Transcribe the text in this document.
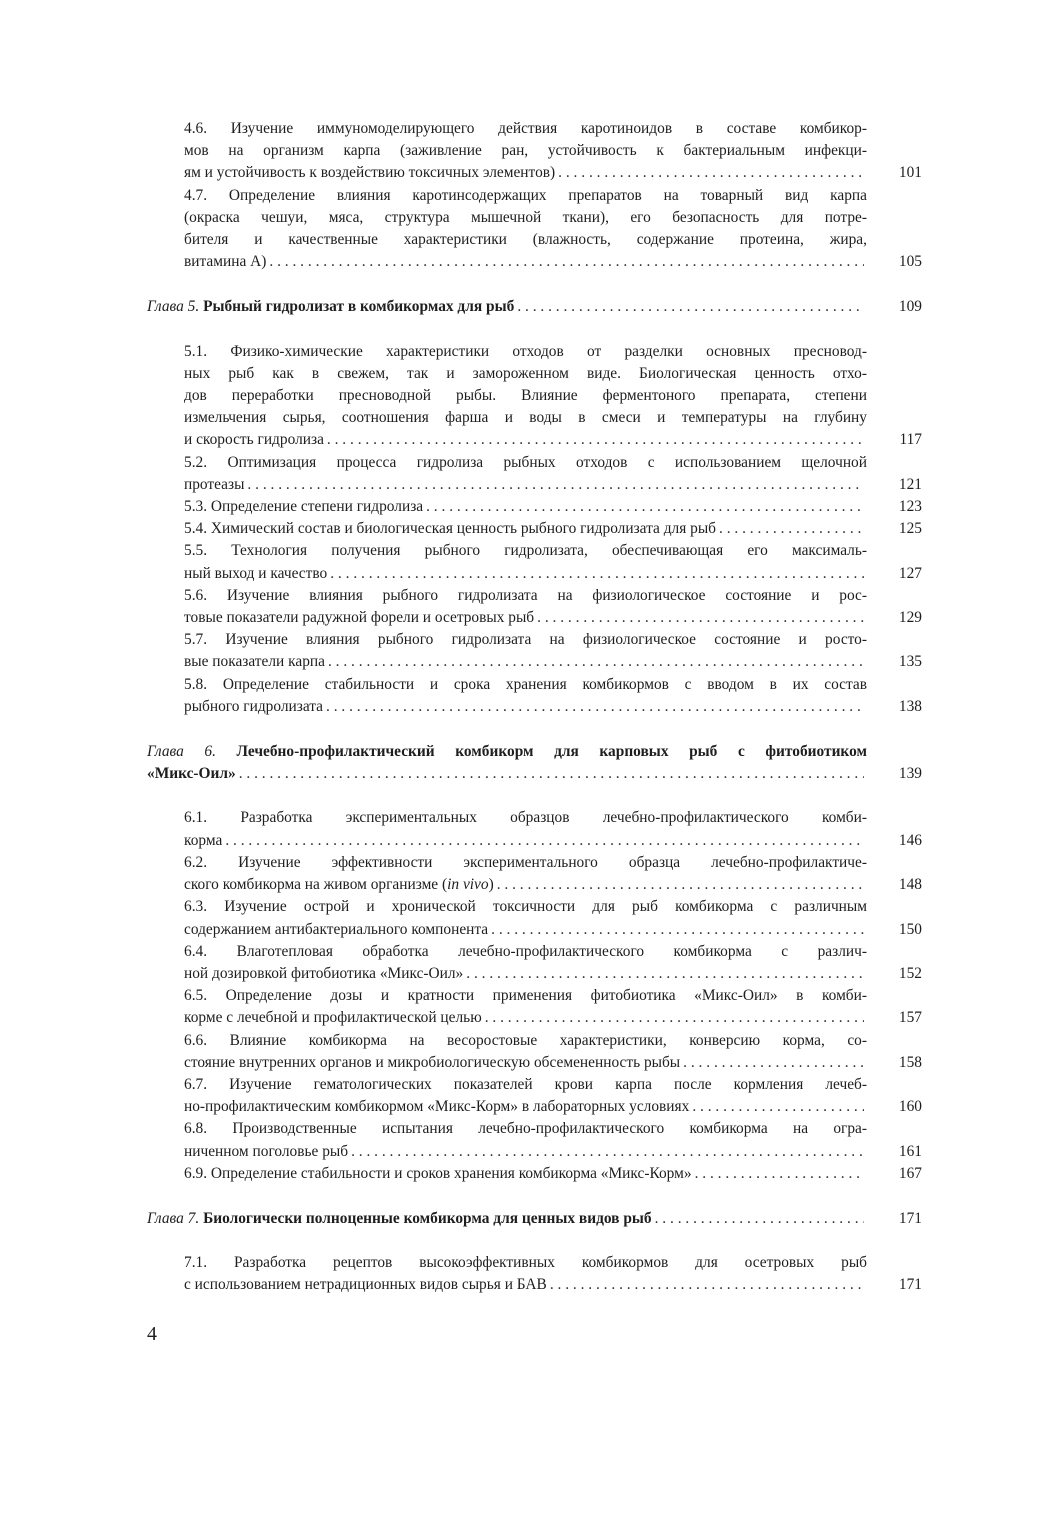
4.6. Изучение иммуномоделирующего действия каротиноидов в составе комбикор-
мов на организм карпа (заживление ран, устойчивость к бактериальным инфекци-
ям и устойчивость к воздействию токсичных элементов) . . .	101
4.7. Определение влияния каротинсодержащих препаратов на товарный вид карпа
(окраска чешуи, мяса, структура мышечной ткани), его безопасность для потре-
бителя и качественные характеристики (влажность, содержание протеина, жира,
витамина А) . . .	105
Глава 5. Рыбный гидролизат в комбикормах для рыб . . .	109
5.1. Физико-химические характеристики отходов от разделки основных пресновод-
ных рыб как в свежем, так и замороженном виде. Биологическая ценность отхо-
дов переработки пресноводной рыбы. Влияние ферментоного препарата, степени
измельчения сырья, соотношения фарша и воды в смеси и температуры на глубину
и скорость гидролиза . . .	117
5.2. Оптимизация процесса гидролиза рыбных отходов с использованием щелочной
протеазы . . .	121
5.3. Определение степени гидролиза . . .	123
5.4. Химический состав и биологическая ценность рыбного гидролизата для рыб . . .	125
5.5. Технология получения рыбного гидролизата, обеспечивающая его максималь-
ный выход и качество . . .	127
5.6. Изучение влияния рыбного гидролизата на физиологическое состояние и рос-
товые показатели радужной форели и осетровых рыб . . .	129
5.7. Изучение влияния рыбного гидролизата на физиологическое состояние и росто-
вые показатели карпа . . .	135
5.8. Определение стабильности и срока хранения комбикормов с вводом в их состав
рыбного гидролизата . . .	138
Глава 6. Лечебно-профилактический комбикорм для карповых рыб с фитобиотиком
«Микс-Оил» . . .	139
6.1. Разработка экспериментальных образцов лечебно-профилактического комби-
корма . . .	146
6.2. Изучение эффективности экспериментального образца лечебно-профилактиче-
ского комбикорма на живом организме (in vivo) . . .	148
6.3. Изучение острой и хронической токсичности для рыб комбикорма с различным
содержанием антибактериального компонента . . .	150
6.4. Влаготепловая обработка лечебно-профилактического комбикорма с различ-
ной дозировкой фитобиотика «Микс-Оил» . . .	152
6.5. Определение дозы и кратности применения фитобиотика «Микс-Оил» в комби-
корме с лечебной и профилактической целью . . .	157
6.6. Влияние комбикорма на весоростовые характеристики, конверсию корма, со-
стояние внутренних органов и микробиологическую обсемененность рыбы . . .	158
6.7. Изучение гематологических показателей крови карпа после кормления лечеб-
но-профилактическим комбикормом «Микс-Корм» в лабораторных условиях . . .	160
6.8. Производственные испытания лечебно-профилактического комбикорма на огра-
ниченном поголовье рыб . . .	161
6.9. Определение стабильности и сроков хранения комбикорма «Микс-Корм» . . .	167
Глава 7. Биологически полноценные комбикорма для ценных видов рыб . . .	171
7.1. Разработка рецептов высокоэффективных комбикормов для осетровых рыб
с использованием нетрадиционных видов сырья и БАВ . . .	171
4
